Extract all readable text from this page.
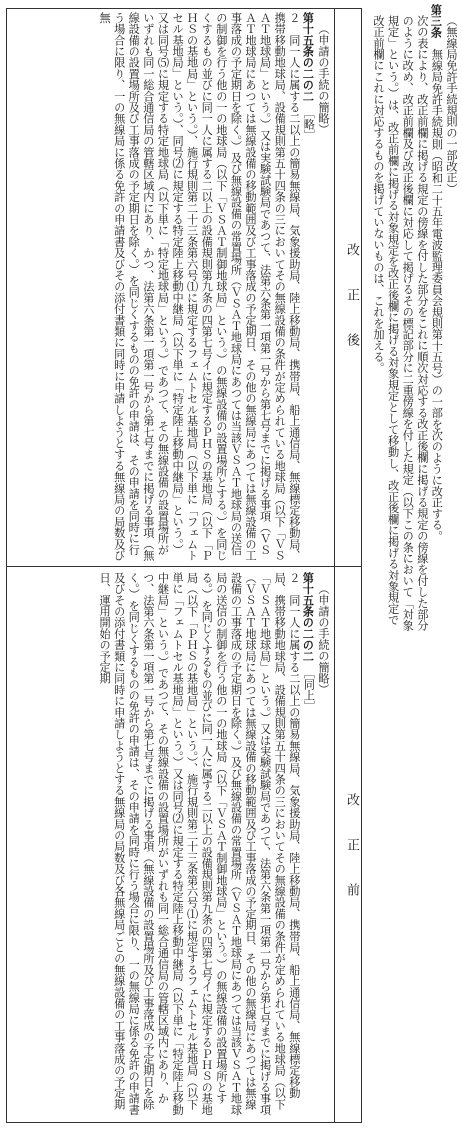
（無線局免許手続規則の一部改正）
第三条　無線局免許手続規則（昭和二十五年電波監理委員会規則第十五号）の一部を次のように改正する。
次の表により、改正前欄に掲げる規定の傍線を付した部分をこれに順次対応する改正後欄に掲げる規定の傍線を付した部分のように改め、改正前欄及び改正後欄に対応して掲げるその標記部分に二重傍線を付した規定（以下この条において「対象規定」という。）は、改正前欄に掲げる対象規定を改正後欄に掲げる対象規定として移動し、改正後欄に掲げる対象規定で改正前欄にこれに対応するものを掲げていないものは、これを加える。
改正後
改正前
（申請の手続の簡略）
第十五条の二の二　［略］
２　同一人に属する二以上の簡易無線局、気象援助局、陸上移動局、携帯局、船上通信局、無線標定移動局、携帯移動地球局、設備規則第五十四条の三においてその無線設備の条件が定められている地球局（以下「ＶＳＡＴ地球局」という。）又は実験試験局であつて、法第六条第一項第一号から第七号までに掲げる事項（ＶＳＡＴ地球局にあつては無線設備の移動範囲及び工事落成の予定期日、その他の無線局にあつては無線設備の工事落成の予定期日を除く。）及び無線設備の常置場所（ＶＳＡＴ地球局にあつては当該ＶＳＡＴ地球局の送信の制御を行う他の一の地球局（以下「ＶＳＡＴ制御地球局」という。）の無線設備の設置場所とする。）を同じくするもの並びに同一人に属する二以上の設備規則第九条の四第七号イに規定するＰＨＳの基地局（以下「ＰＨＳの基地局」という。）、施行規則第二十三条第六号⑴に規定するフェムトセル基地局（以下単に「フェムトセル基地局」という。）、同号⑵に規定する特定陸上移動中継局（以下単に「特定陸上移動中継局」という。）又は同号⑸に規定する特定地球局（以下単に「特定地球局」という。）であつて、その無線設備の設置場所がいずれも同一総合通信局の管轄区域内にあり、かつ、法第六条第一項第一号から第七号までに掲げる事項（無線設備の設置場所及び工事落成の予定期日を除く。）を同じくするものの免許の申請は、その申請を同時に行う場合に限り、一の無線局に係る免許の申請書及びその添付書類に同時に申請しようとする無線局の局数及び無
（申請の手続の簡略）
第十五条の二の二　［同上］
２　同一人に属する二以上の簡易無線局、気象援助局、陸上移動局、携帯局、船上通信局、無線標定移動局、携帯移動地球局、設備規則第五十四条の三においてその無線設備の条件が定められている地球局（以下「ＶＳＡＴ地球局」という。）又は実験試験局であつて、法第六条第一項第一号から第七号までに掲げる事項（ＶＳＡＴ地球局にあつては無線設備の移動範囲及び工事落成の予定期日、その他の無線局にあつては無線設備の工事落成の予定期日を除く。）及び無線設備の常置場所（ＶＳＡＴ地球局にあつては当該ＶＳＡＴ地球局の送信の制御を行う他の一の地球局（以下「ＶＳＡＴ制御地球局」という。）の無線設備の設置場所とする。）を同じくするもの並びに同一人に属する二以上の設備規則第九条の四第七号イに規定するＰＨＳの基地局（以下「ＰＨＳの基地局」という。）、施行規則第二十三条第六号⑴に規定するフェムトセル基地局（以下単に「フェムトセル基地局」という。）又は同号⑵に規定する特定陸上移動中継局（以下単に「特定陸上移動中継局」という。）であつて、その無線設備の設置場所がいずれも同一総合通信局の管轄区域内にあり、かつ、法第六条第一項第一号から第七号までに掲げる事項（無線設備の設置場所及び工事落成の予定期日を除く。）を同じくするものの免許の申請は、その申請を同時に行う場合に限り、一の無線局に係る免許の申請書及びその添付書類に同時に申請しようとする無線局の局数及び各無線局ごとの無線設備の工事落成の予定期日、運用開始の予定期
